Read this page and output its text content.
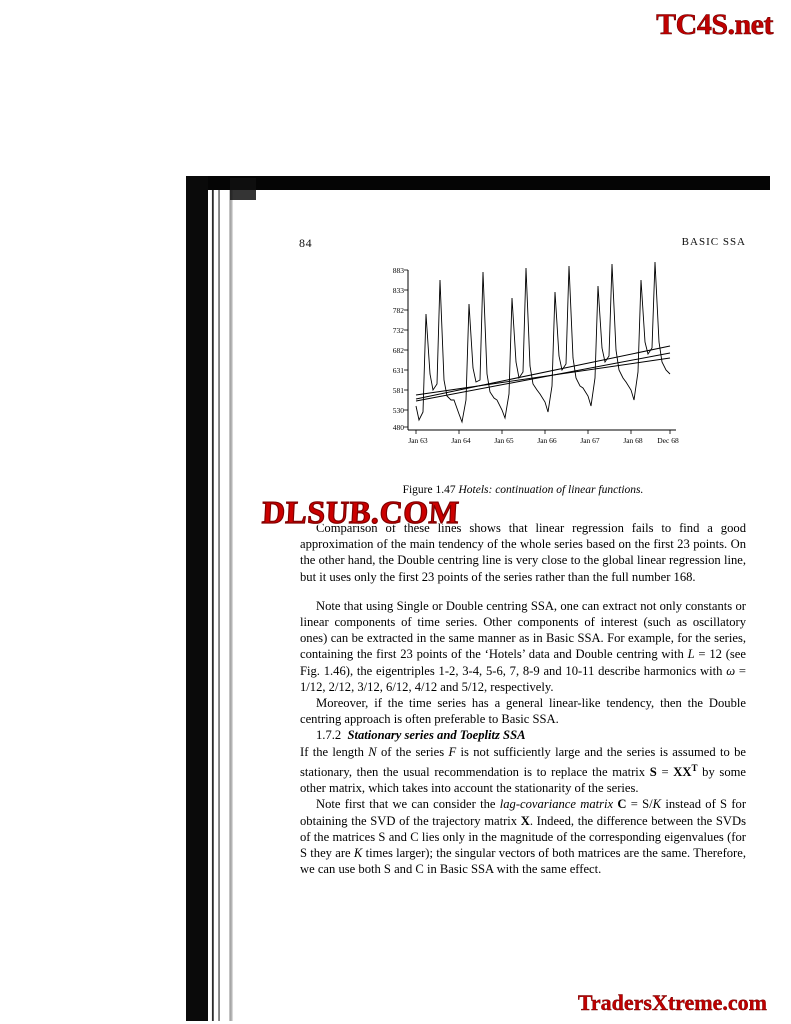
84	BASIC SSA
883
833
782
732
682
631
581
530
480
Jan 63	Jan 64	Jan 65	Jan 66	Jan 67	Jan 68 Dec 68
Figure 1.47 Hotels: continuation of linear functions.

Comparison of these lines shows that linear regression fails to find a good approximation of the main tendency of the whole series based on the first 23 points. On the other hand, the Double centring line is very close to the global linear regression line, but it uses only the first 23 points of the series rather than the full number 168.

Note that using Single or Double centring SSA, one can extract not only constants or linear components of time series. Other components of interest (such as oscillatory ones) can be extracted in the same manner as in Basic SSA. For example, for the series, containing the first 23 points of the ‘Hotels’ data and Double centring with L = 12 (see Fig. 1.46), the eigentriples 1-2, 3-4, 5-6, 7, 8-9 and 10-11 describe harmonics with ω = 1/12, 2/12, 3/12, 6/12, 4/12 and 5/12, respectively.

Moreover, if the time series has a general linear-like tendency, then the Double centring approach is often preferable to Basic SSA.

1.7.2 Stationary series and Toeplitz SSA

If the length N of the series F is not sufficiently large and the series is assumed to be stationary, then the usual recommendation is to replace the matrix $S = XX^T$ by some other matrix, which takes into account the stationarity of the series.

Note first that we can consider the lag-covariance matrix C = S/K instead of S for obtaining the SVD of the trajectory matrix X. Indeed, the difference between the SVDs of the matrices S and C lies only in the magnitude of the corresponding eigenvalues (for S they are K times larger); the singular vectors of both matrices are the same. Therefore, we can use both S and C in Basic SSA with the same effect.

TC4S.net
DLSUB.COM
TradersXtreme.com
